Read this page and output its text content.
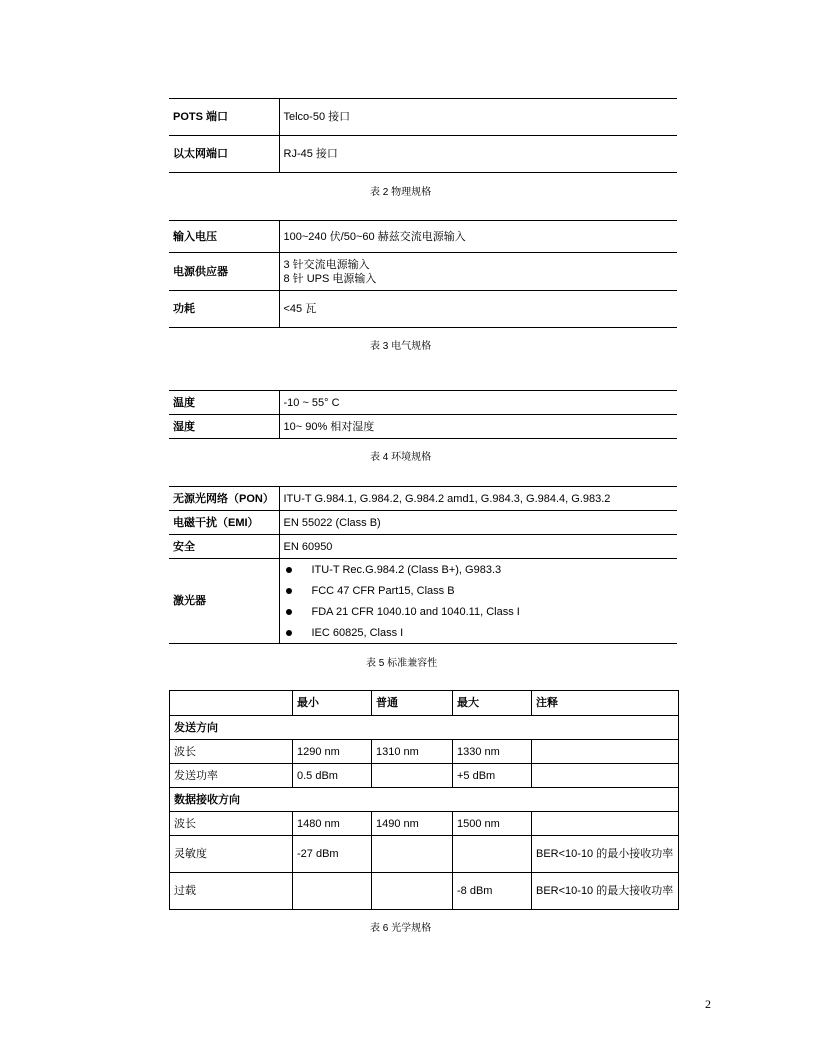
POTS 端口	Telco-50 接口
以太网端口	RJ-45 接口
表 2 物理规格
输入电压	100~240 伏/50~60 赫兹交流电源输入
电源供应器	3 针交流电源输入
8 针 UPS 电源输入

功耗	<45 瓦
表 3 电气规格
温度	-10 ~ 55° C
湿度	10~ 90% 相对湿度
表 4 环境规格
无源光网络（PON）	ITU-T G.984.1, G.984.2, G.984.2 amd1, G.984.3, G.984.4, G.983.2
电磁干扰（EMI）	EN 55022 (Class B)
安全	EN 60950
激光器	ITU-T Rec.G.984.2 (Class B+), G983.3
FCC 47 CFR Part15, Class B
FDA 21 CFR 1040.10 and 1040.11, Class I
IEC 60825, Class I
表 5 标准兼容性
	最小	普通	最大	注释
发送方向				
波长	1290 nm	1310 nm	1330 nm	
发送功率	0.5 dBm		+5 dBm	
数据接收方向				
波长	1480 nm	1490 nm	1500 nm	
灵敏度	-27 dBm			BER<10-10 的最小接收功率
过载			-8 dBm	BER<10-10 的最大接收功率
表 6 光学规格
2
